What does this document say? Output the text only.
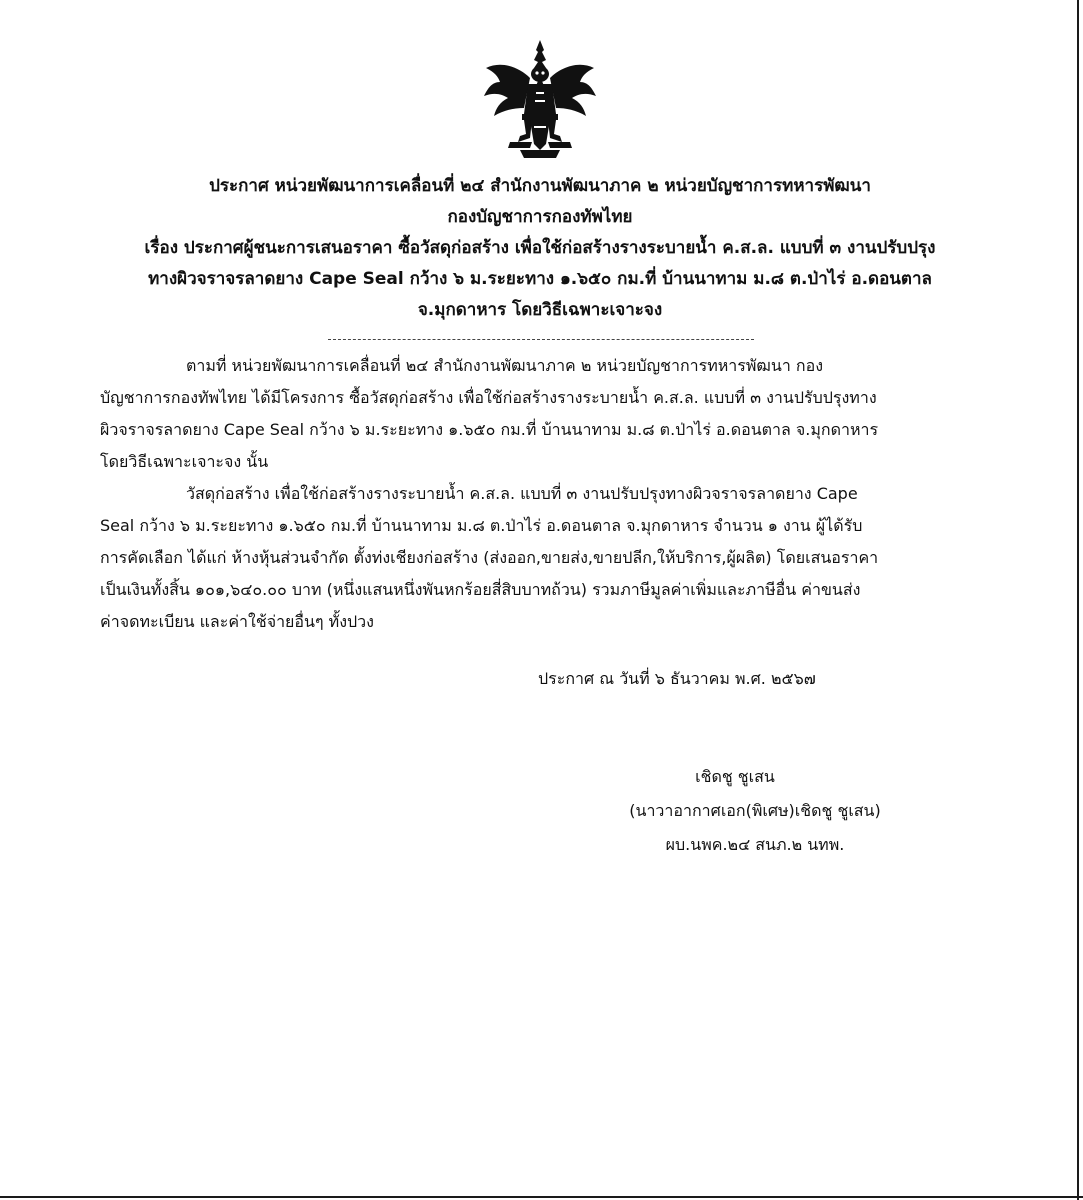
ประกาศ หน่วยพัฒนาการเคลื่อนที่ ๒๔ สำนักงานพัฒนาภาค ๒ หน่วยบัญชาการทหารพัฒนา
กองบัญชาการกองทัพไทย
เรื่อง ประกาศผู้ชนะการเสนอราคา ซื้อวัสดุก่อสร้าง เพื่อใช้ก่อสร้างรางระบายน้ำ ค.ส.ล. แบบที่ ๓ งานปรับปรุง
ทางผิวจราจรลาดยาง Cape Seal กว้าง ๖ ม.ระยะทาง ๑.๖๕๐ กม.ที่ บ้านนาทาม ม.๘ ต.ป่าไร่ อ.ดอนตาล
จ.มุกดาหาร โดยวิธีเฉพาะเจาะจง
ตามที่ หน่วยพัฒนาการเคลื่อนที่ ๒๔ สำนักงานพัฒนาภาค ๒ หน่วยบัญชาการทหารพัฒนา กอง
บัญชาการกองทัพไทย ได้มีโครงการ ซื้อวัสดุก่อสร้าง เพื่อใช้ก่อสร้างรางระบายน้ำ ค.ส.ล. แบบที่ ๓ งานปรับปรุงทาง
ผิวจราจรลาดยาง Cape Seal กว้าง ๖ ม.ระยะทาง ๑.๖๕๐ กม.ที่ บ้านนาทาม ม.๘ ต.ป่าไร่ อ.ดอนตาล จ.มุกดาหาร
โดยวิธีเฉพาะเจาะจง นั้น
วัสดุก่อสร้าง เพื่อใช้ก่อสร้างรางระบายน้ำ ค.ส.ล. แบบที่ ๓ งานปรับปรุงทางผิวจราจรลาดยาง Cape
Seal กว้าง ๖ ม.ระยะทาง ๑.๖๕๐ กม.ที่ บ้านนาทาม ม.๘ ต.ป่าไร่ อ.ดอนตาล จ.มุกดาหาร จำนวน ๑ งาน ผู้ได้รับ
การคัดเลือก ได้แก่ ห้างหุ้นส่วนจำกัด ตั้งท่งเชียงก่อสร้าง (ส่งออก,ขายส่ง,ขายปลีก,ให้บริการ,ผู้ผลิต) โดยเสนอราคา
เป็นเงินทั้งสิ้น ๑๐๑,๖๔๐.๐๐ บาท (หนึ่งแสนหนึ่งพันหกร้อยสี่สิบบาทถ้วน) รวมภาษีมูลค่าเพิ่มและภาษีอื่น ค่าขนส่ง
ค่าจดทะเบียน และค่าใช้จ่ายอื่นๆ ทั้งปวง
ประกาศ ณ วันที่ ๖ ธันวาคม พ.ศ. ๒๕๖๗
เชิดชู ชูเสน
(นาวาอากาศเอก(พิเศษ)เชิดชู ชูเสน)
ผบ.นพค.๒๔ สนภ.๒ นทพ.
